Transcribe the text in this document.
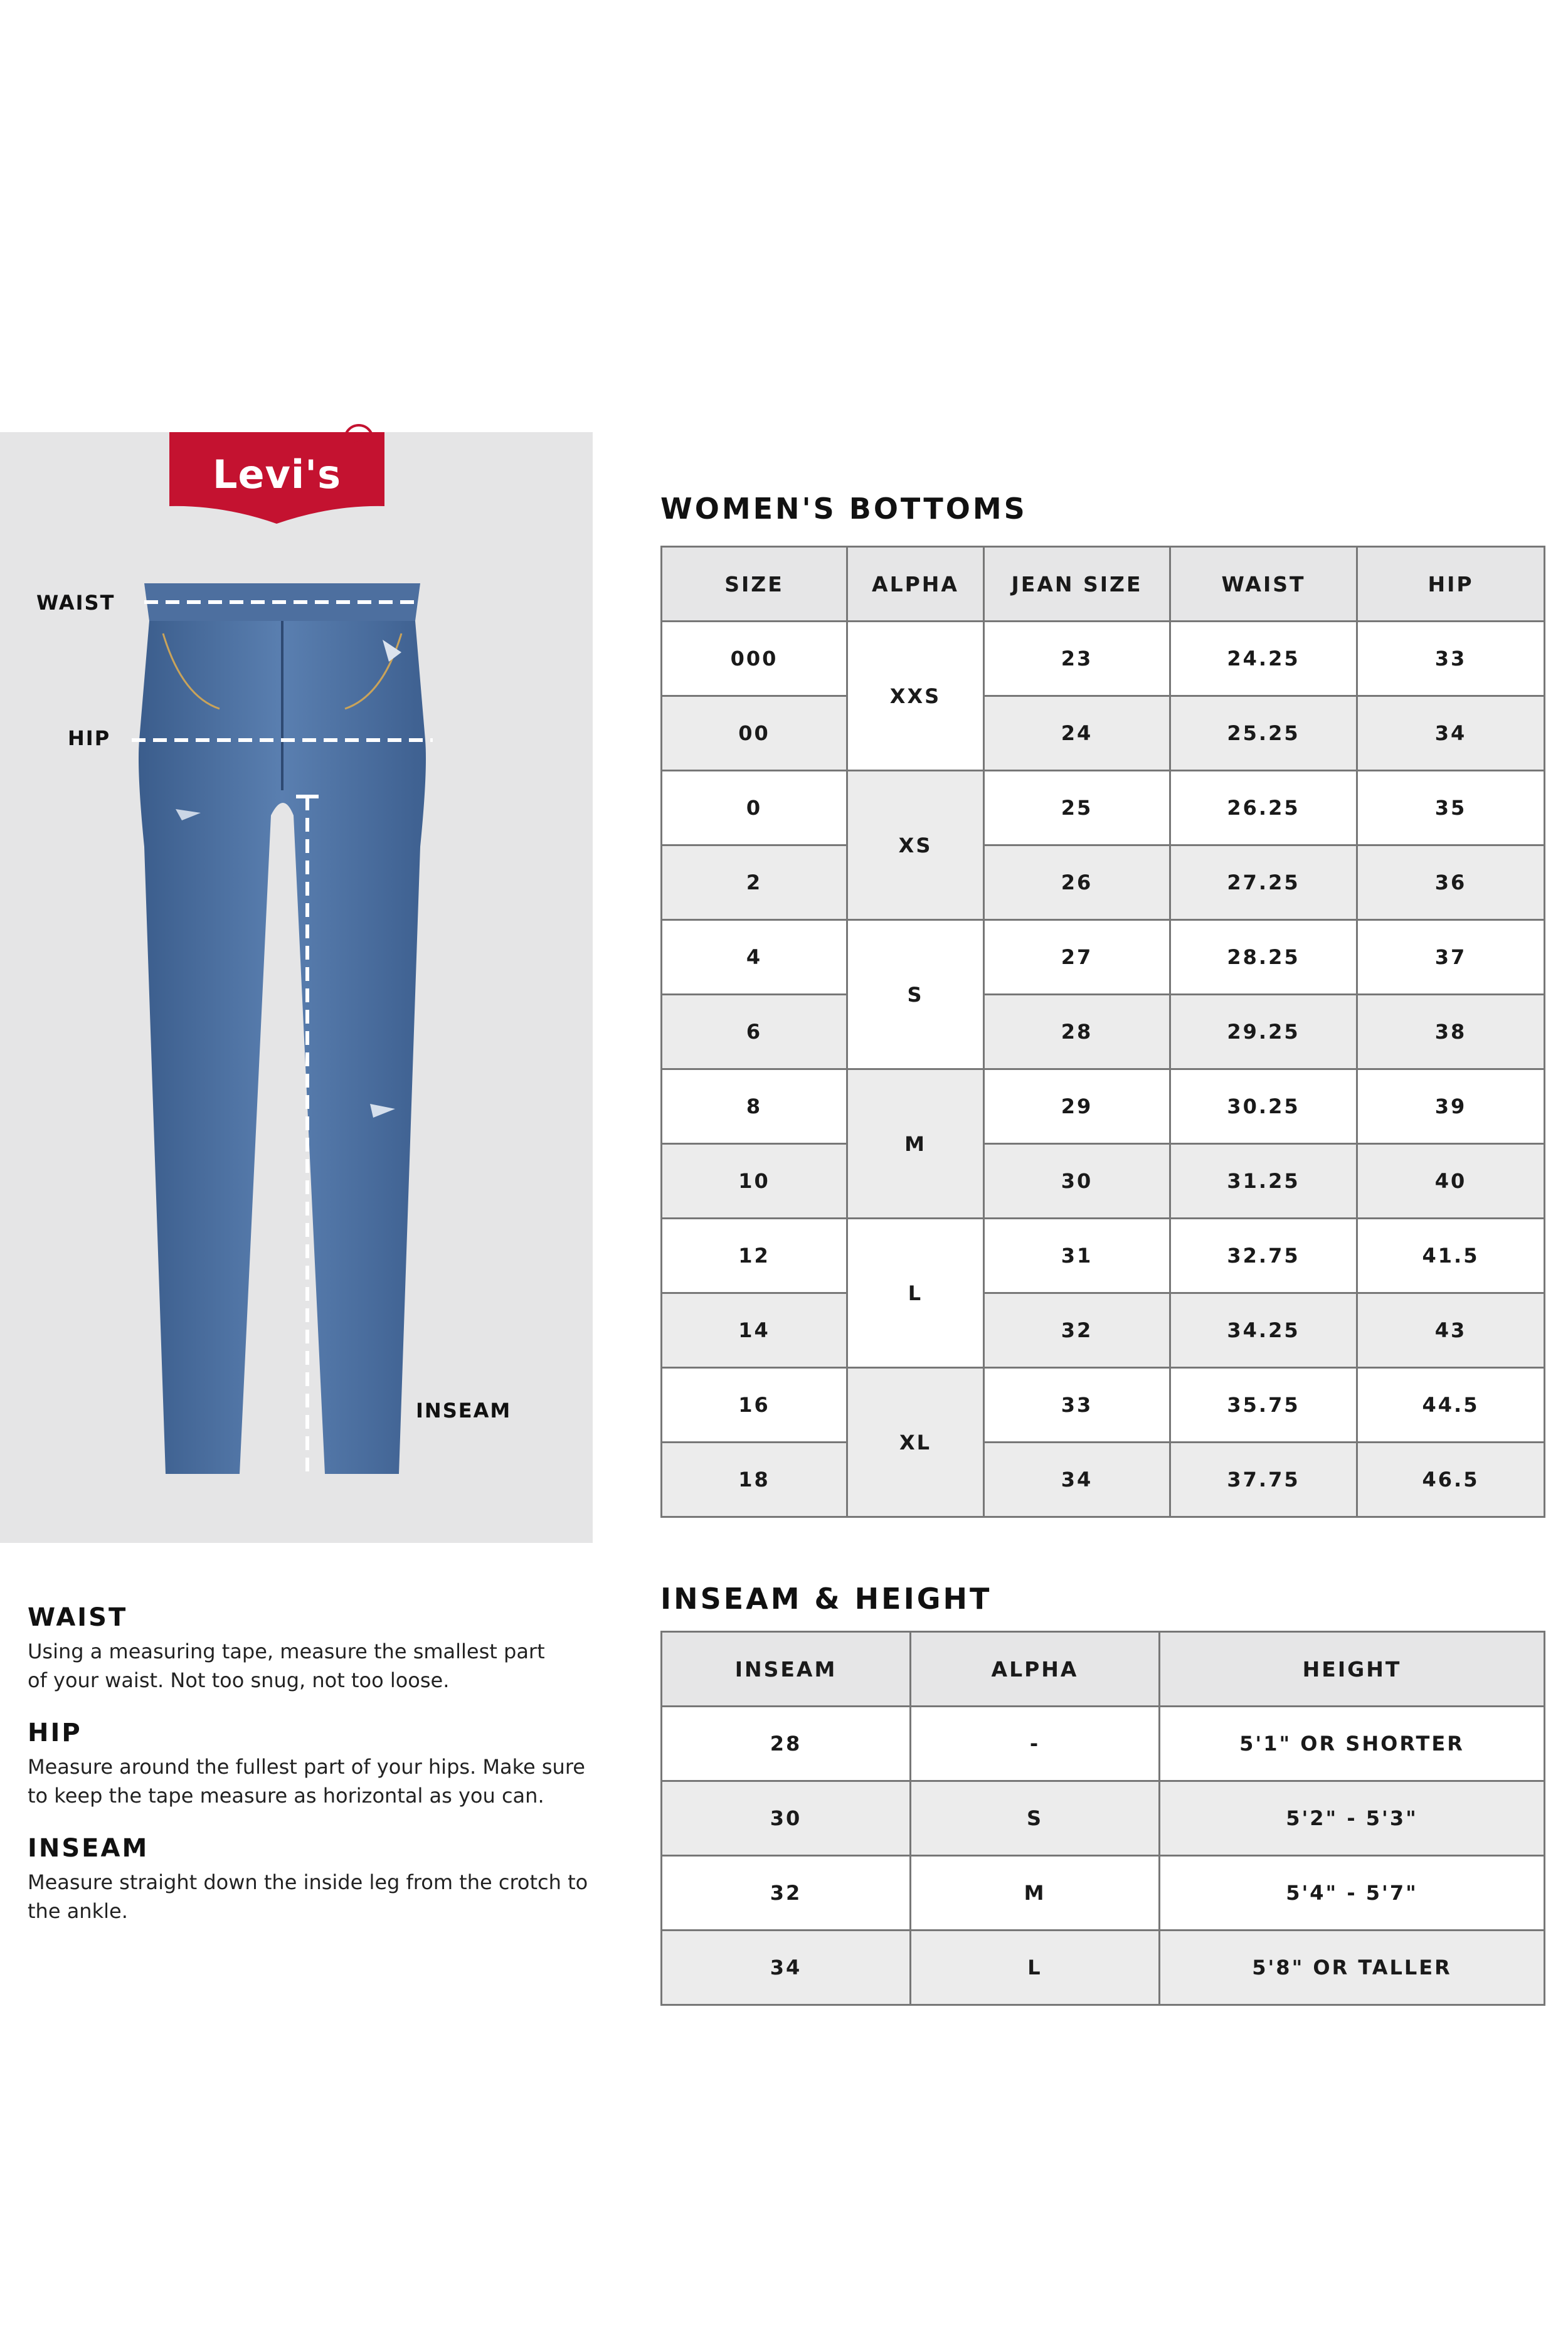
Levi's
®
WAIST
HIP
INSEAM
WAIST
Using a measuring tape, measure the smallest part
of your waist. Not too snug, not too loose.
HIP
Measure around the fullest part of your hips. Make sure
to keep the tape measure as horizontal as you can.
INSEAM
Measure straight down the inside leg from the crotch to
the ankle.
WOMEN'S BOTTOMS
SIZE	ALPHA	JEAN SIZE	WAIST	HIP
000	XXS	23	24.25	33
00		24	25.25	34
0	XS	25	26.25	35
2		26	27.25	36
4	S	27	28.25	37
6		28	29.25	38
8	M	29	30.25	39
10		30	31.25	40
12	L	31	32.75	41.5
14		32	34.25	43
16	XL	33	35.75	44.5
18		34	37.75	46.5
INSEAM & HEIGHT
INSEAM	ALPHA	HEIGHT
28	-	5'1" OR SHORTER
30	S	5'2" - 5'3"
32	M	5'4" - 5'7"
34	L	5'8" OR TALLER
